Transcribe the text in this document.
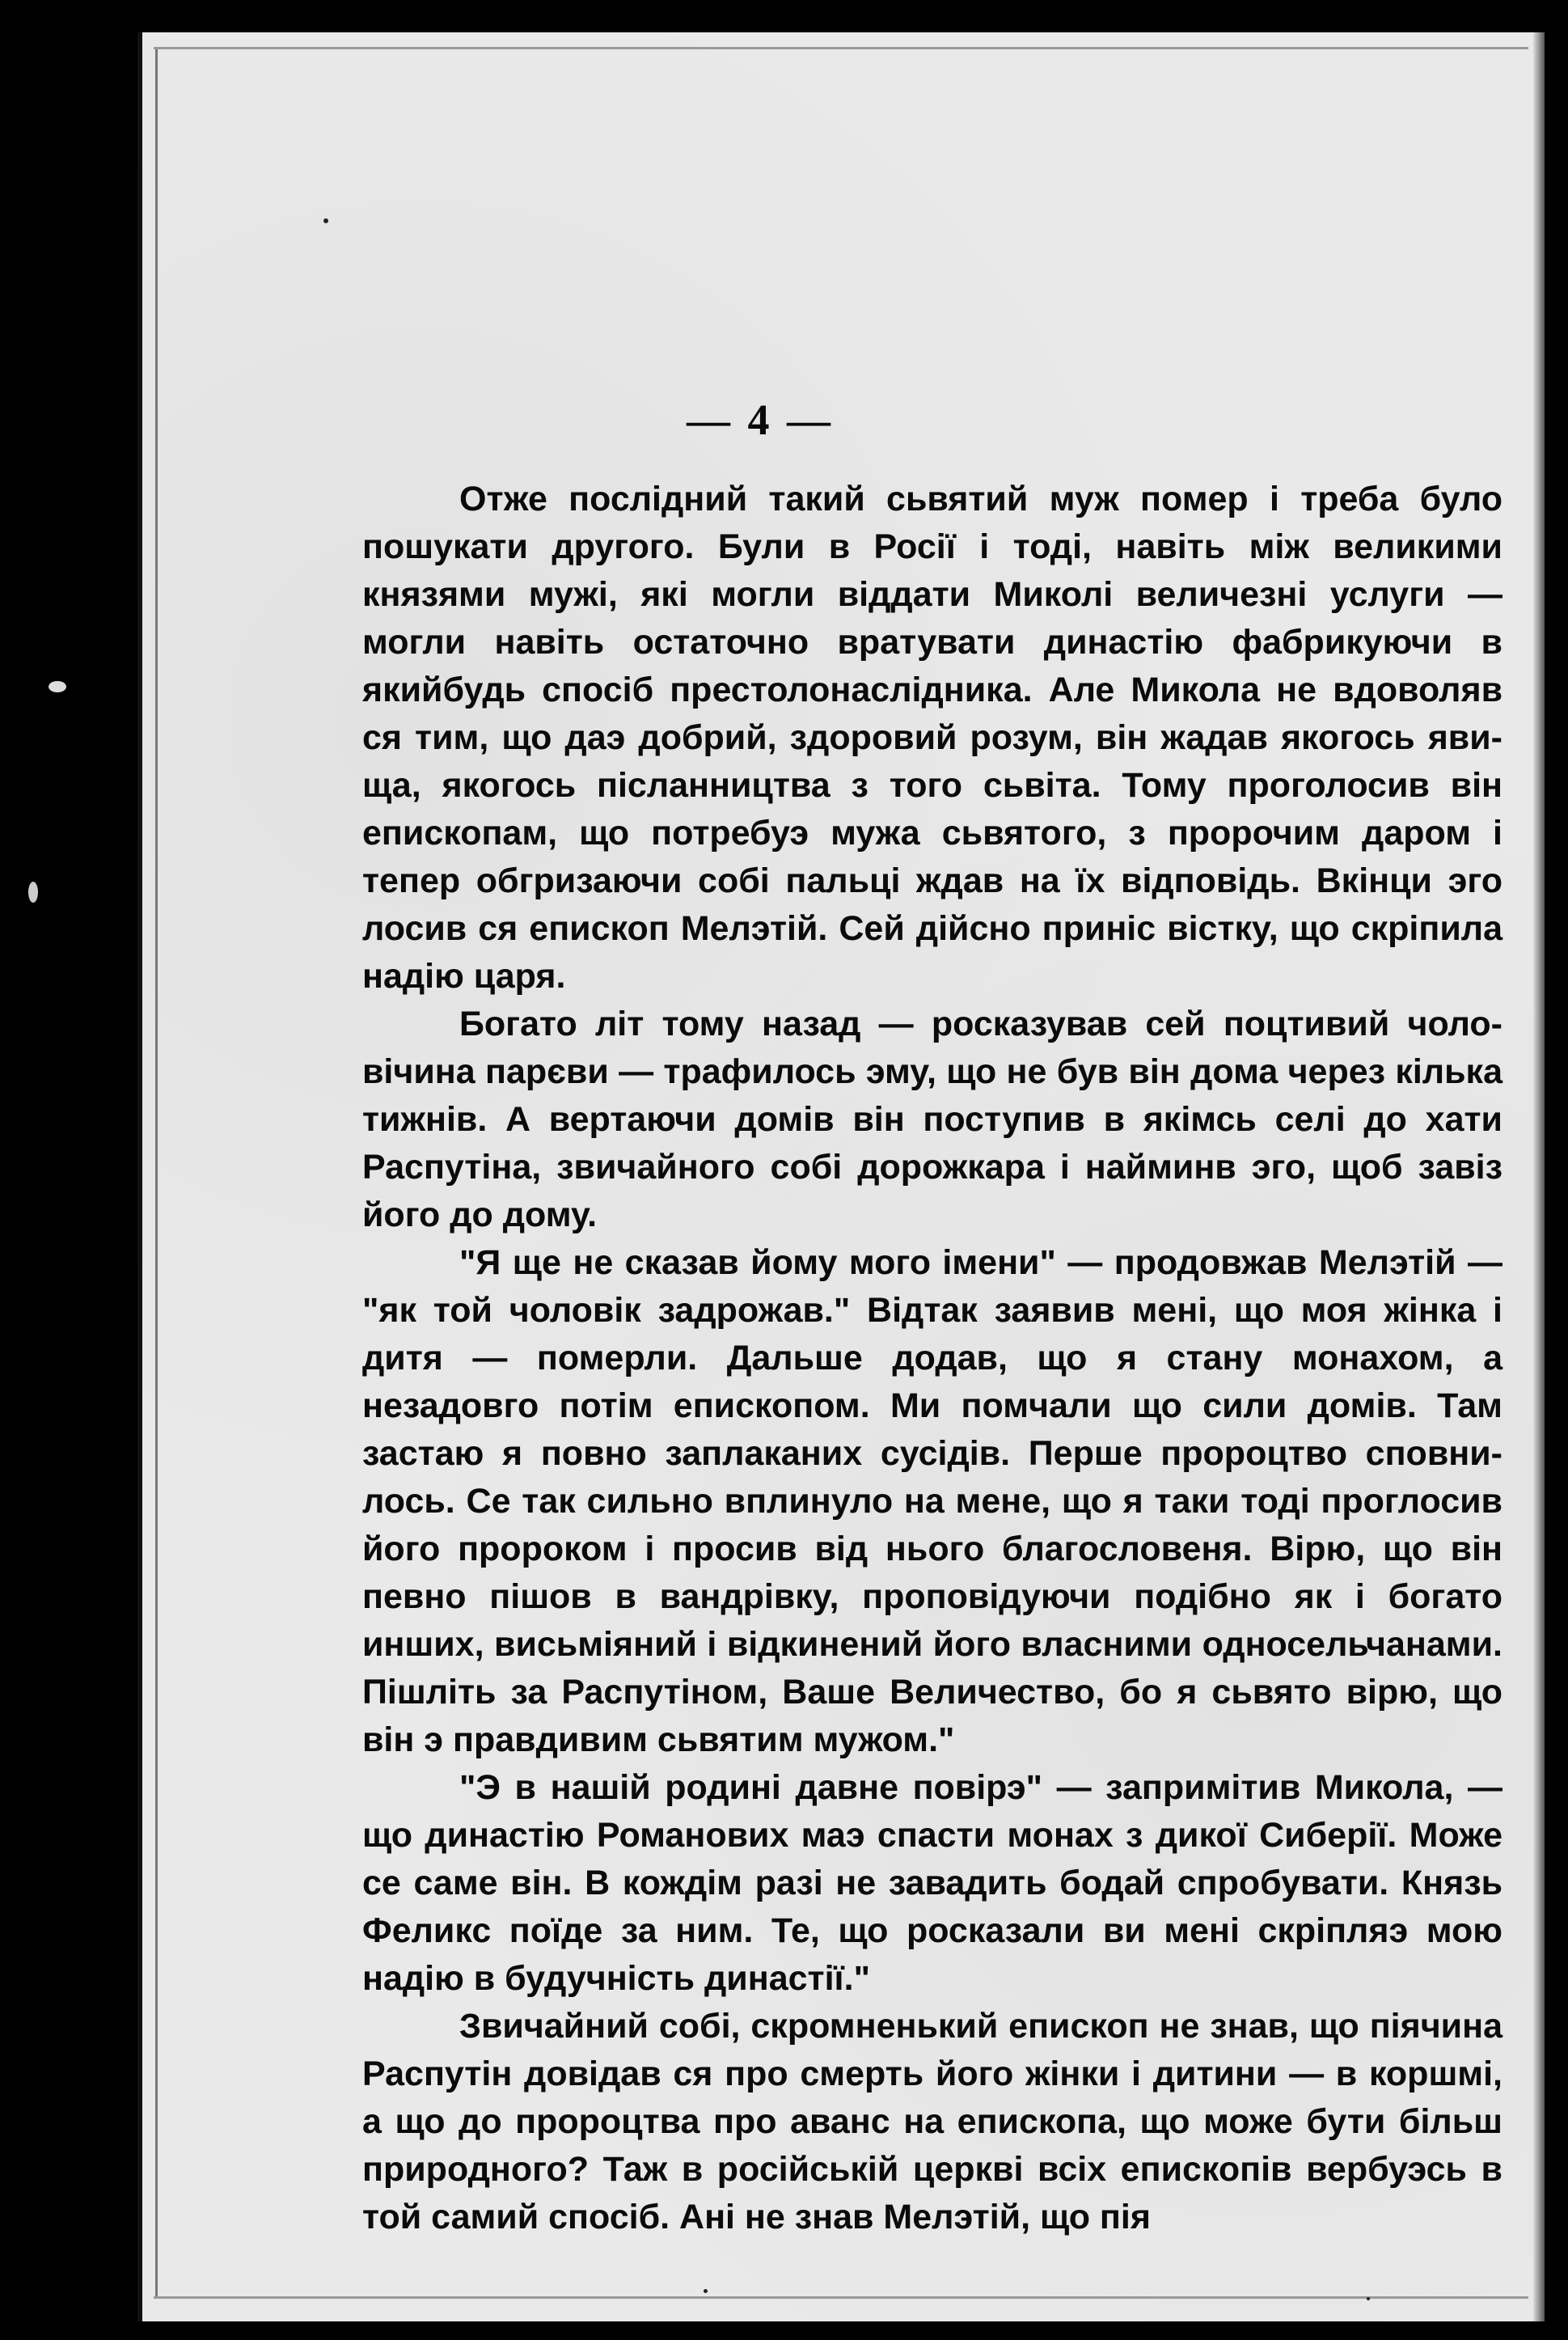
— 4 —

Отже послідний такий сьвятий муж помер і треба було пошукати другого. Були в Росії і тоді, навіть між великими князями мужі, які могли віддати Миколі величезні услуги — могли навіть остаточно вратувати династію фабрикуючи в якийбудь спосіб престолонаслідника. Але Микола не вдоволяв ся тим, що даэ добрий, здоровий розум, він жадав якогось явища, якогось післанництва з того сьвіта. Тому проголосив він епископам, що потребуэ мужа сьвятого, з пророчим даром і тепер обгризаючи собі пальці ждав на їх відповідь. Вкінци эго лосив ся епископ Мелэтій. Сей дійсно приніс вістку, що скріпила надію царя.

Богато літ тому назад — росказував сей поцтивий чоловічина парєви — трафилось эму, що не був він дома через кілька тижнів. А вертаючи домів він поступив в якімсь селі до хати Распутіна, звичайного собі дорожкара і найминв эго, щоб завіз його до дому.

"Я ще не сказав йому мого імени" — продовжав Мелэтій — "як той чоловік задрожав." Відтак заявив мені, що моя жінка і дитя — померли. Дальше додав, що я стану монахом, а незадовго потім епископом. Ми помчали що сили домів. Там застаю я повно заплаканих сусідів. Перше пророцтво сповнилось. Се так сильно вплинуло на мене, що я таки тоді проглосив його пророком і просив від нього благословеня. Вірю, що він певно пішов в вандрівку, проповідуючи подібно як і богато инших, висьміяний і відкинений його власними односельчанами. Пішліть за Распутіном, Ваше Величество, бо я сьвято вірю, що він э правдивим сьвятим мужом."

"Э в нашій родині давне повірэ" — запримітив Микола, — що династію Романових маэ спасти монах з дикої Сиберії. Може се саме він. В кождім разі не завадить бодай спробувати. Князь Феликс поїде за ним. Те, що росказали ви мені скріпляэ мою надію в будучність династії."

Звичайний собі, скромненький епископ не знав, що піячина Распутін довідав ся про смерть його жінки і дитини — в коршмі, а що до пророцтва про аванс на епископа, що може бути більш природного? Таж в російській церкві всіх епископів вербуэсь в той самий спосіб. Ані не знав Мелэтій, що пія
